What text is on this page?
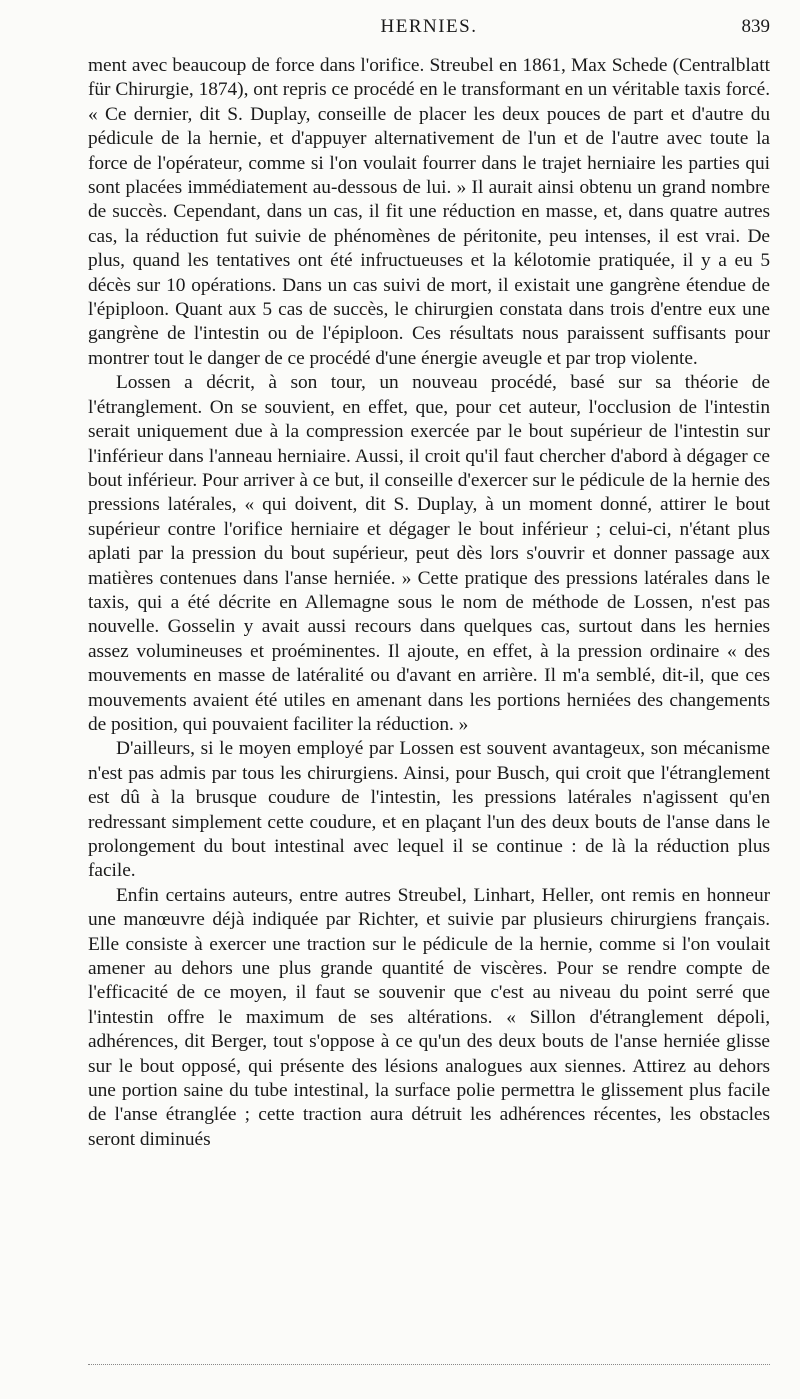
HERNIES.	839

ment avec beaucoup de force dans l'orifice. Streubel en 1861, Max Schede (Centralblatt für Chirurgie, 1874), ont repris ce procédé en le transformant en un véritable taxis forcé. « Ce dernier, dit S. Duplay, conseille de placer les deux pouces de part et d'autre du pédicule de la hernie, et d'appuyer alternativement de l'un et de l'autre avec toute la force de l'opérateur, comme si l'on voulait fourrer dans le trajet herniaire les parties qui sont placées immédiatement au-dessous de lui. » Il aurait ainsi obtenu un grand nombre de succès. Cependant, dans un cas, il fit une réduction en masse, et, dans quatre autres cas, la réduction fut suivie de phénomènes de péritonite, peu intenses, il est vrai. De plus, quand les tentatives ont été infructueuses et la kélotomie pratiquée, il y a eu 5 décès sur 10 opérations. Dans un cas suivi de mort, il existait une gangrène étendue de l'épiploon. Quant aux 5 cas de succès, le chirurgien constata dans trois d'entre eux une gangrène de l'intestin ou de l'épiploon. Ces résultats nous paraissent suffisants pour montrer tout le danger de ce procédé d'une énergie aveugle et par trop violente.

Lossen a décrit, à son tour, un nouveau procédé, basé sur sa théorie de l'étranglement. On se souvient, en effet, que, pour cet auteur, l'occlusion de l'intestin serait uniquement due à la compression exercée par le bout supérieur de l'intestin sur l'inférieur dans l'anneau herniaire. Aussi, il croit qu'il faut chercher d'abord à dégager ce bout inférieur. Pour arriver à ce but, il conseille d'exercer sur le pédicule de la hernie des pressions latérales, « qui doivent, dit S. Duplay, à un moment donné, attirer le bout supérieur contre l'orifice herniaire et dégager le bout inférieur ; celui-ci, n'étant plus aplati par la pression du bout supérieur, peut dès lors s'ouvrir et donner passage aux matières contenues dans l'anse herniée. » Cette pratique des pressions latérales dans le taxis, qui a été décrite en Allemagne sous le nom de méthode de Lossen, n'est pas nouvelle. Gosselin y avait aussi recours dans quelques cas, surtout dans les hernies assez volumineuses et proéminentes. Il ajoute, en effet, à la pression ordinaire « des mouvements en masse de latéralité ou d'avant en arrière. Il m'a semblé, dit-il, que ces mouvements avaient été utiles en amenant dans les portions herniées des changements de position, qui pouvaient faciliter la réduction. »

D'ailleurs, si le moyen employé par Lossen est souvent avantageux, son mécanisme n'est pas admis par tous les chirurgiens. Ainsi, pour Busch, qui croit que l'étranglement est dû à la brusque coudure de l'intestin, les pressions latérales n'agissent qu'en redressant simplement cette coudure, et en plaçant l'un des deux bouts de l'anse dans le prolongement du bout intestinal avec lequel il se continue : de là la réduction plus facile.

Enfin certains auteurs, entre autres Streubel, Linhart, Heller, ont remis en honneur une manœuvre déjà indiquée par Richter, et suivie par plusieurs chirurgiens français. Elle consiste à exercer une traction sur le pédicule de la hernie, comme si l'on voulait amener au dehors une plus grande quantité de viscères. Pour se rendre compte de l'efficacité de ce moyen, il faut se souvenir que c'est au niveau du point serré que l'intestin offre le maximum de ses altérations. « Sillon d'étranglement dépoli, adhérences, dit Berger, tout s'oppose à ce qu'un des deux bouts de l'anse herniée glisse sur le bout opposé, qui présente des lésions analogues aux siennes. Attirez au dehors une portion saine du tube intestinal, la surface polie permettra le glissement plus facile de l'anse étranglée ; cette traction aura détruit les adhérences récentes, les obstacles seront diminués
